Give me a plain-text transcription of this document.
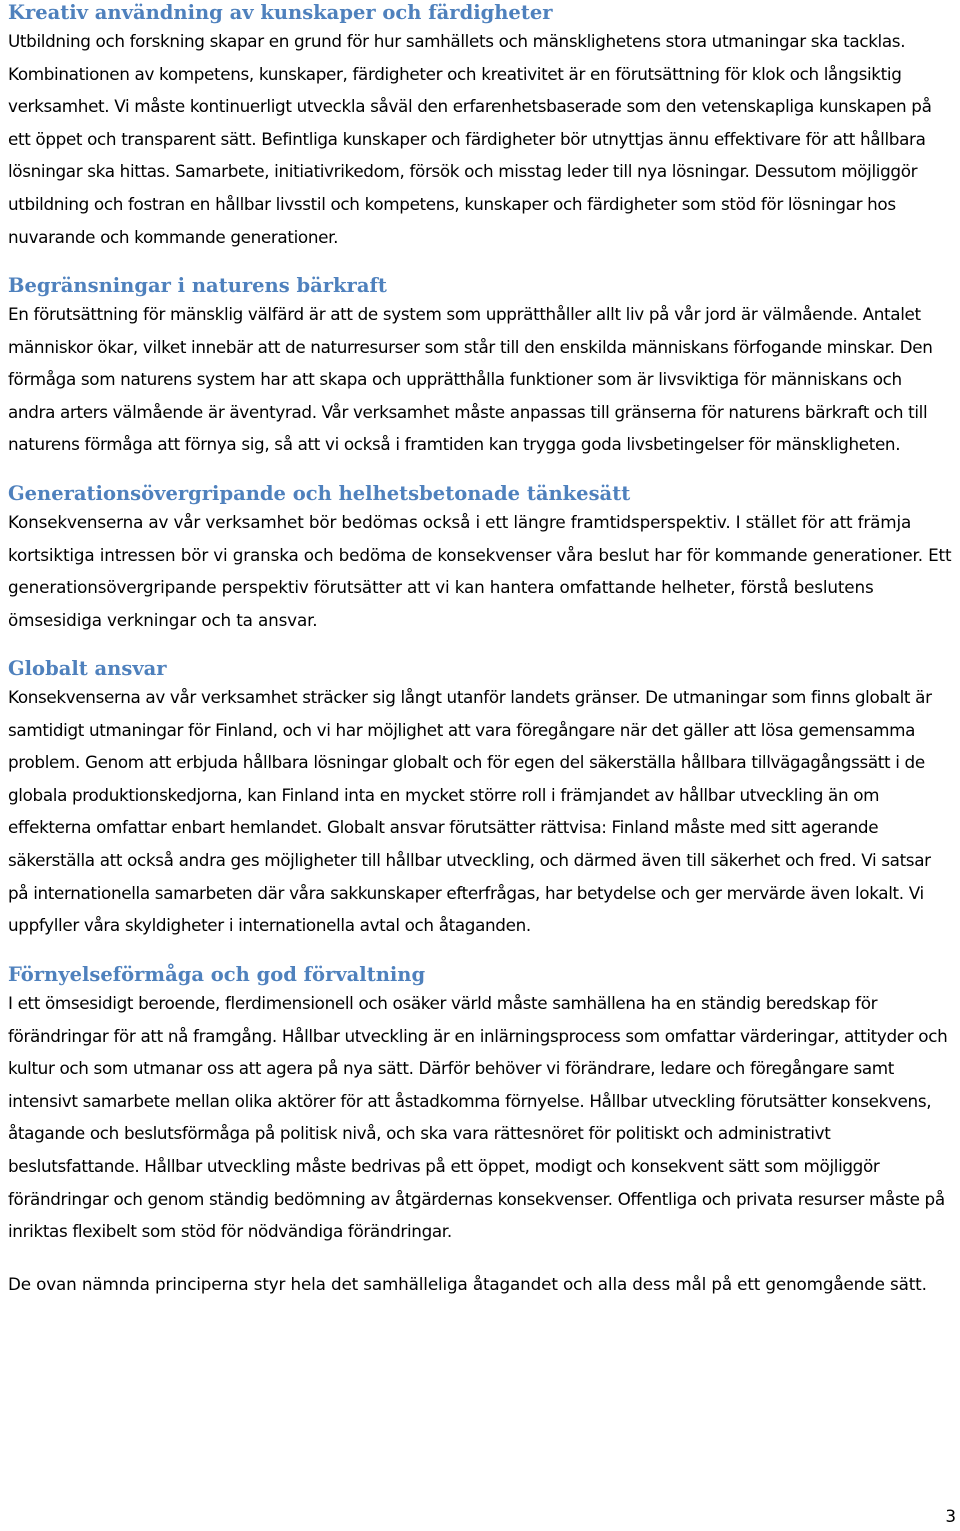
Kreativ användning av kunskaper och färdigheter

Utbildning och forskning skapar en grund för hur samhällets och mänsklighetens stora utmaningar ska tacklas. Kombinationen av kompetens, kunskaper, färdigheter och kreativitet är en förutsättning för klok och långsiktig verksamhet. Vi måste kontinuerligt utveckla såväl den erfarenhetsbaserade som den vetenskapliga kunskapen på ett öppet och transparent sätt. Befintliga kunskaper och färdigheter bör utnyttjas ännu effektivare för att hållbara lösningar ska hittas. Samarbete, initiativrikedom, försök och misstag leder till nya lösningar. Dessutom möjliggör utbildning och fostran en hållbar livsstil och kompetens, kunskaper och färdigheter som stöd för lösningar hos nuvarande och kommande generationer.

Begränsningar i naturens bärkraft

En förutsättning för mänsklig välfärd är att de system som upprätthåller allt liv på vår jord är välmående. Antalet människor ökar, vilket innebär att de naturresurser som står till den enskilda människans förfogande minskar. Den förmåga som naturens system har att skapa och upprätthålla funktioner som är livsviktiga för människans och andra arters välmående är äventyrad. Vår verksamhet måste anpassas till gränserna för naturens bärkraft och till naturens förmåga att förnya sig, så att vi också i framtiden kan trygga goda livsbetingelser för mänskligheten.

Generationsövergripande och helhetsbetonade tänkesätt

Konsekvenserna av vår verksamhet bör bedömas också i ett längre framtidsperspektiv. I stället för att främja kortsiktiga intressen bör vi granska och bedöma de konsekvenser våra beslut har för kommande generationer. Ett generationsövergripande perspektiv förutsätter att vi kan hantera omfattande helheter, förstå beslutens ömsesidiga verkningar och ta ansvar.

Globalt ansvar

Konsekvenserna av vår verksamhet sträcker sig långt utanför landets gränser. De utmaningar som finns globalt är samtidigt utmaningar för Finland, och vi har möjlighet att vara föregångare när det gäller att lösa gemensamma problem. Genom att erbjuda hållbara lösningar globalt och för egen del säkerställa hållbara tillvägagångssätt i de globala produktionskedjorna, kan Finland inta en mycket större roll i främjandet av hållbar utveckling än om effekterna omfattar enbart hemlandet. Globalt ansvar förutsätter rättvisa: Finland måste med sitt agerande säkerställa att också andra ges möjligheter till hållbar utveckling, och därmed även till säkerhet och fred. Vi satsar på internationella samarbeten där våra sakkunskaper efterfrågas, har betydelse och ger mervärde även lokalt. Vi uppfyller våra skyldigheter i internationella avtal och åtaganden.

Förnyelseförmåga och god förvaltning

I ett ömsesidigt beroende, flerdimensionell och osäker värld måste samhällena ha en ständig beredskap för förändringar för att nå framgång. Hållbar utveckling är en inlärningsprocess som omfattar värderingar, attityder och kultur och som utmanar oss att agera på nya sätt. Därför behöver vi förändrare, ledare och föregångare samt intensivt samarbete mellan olika aktörer för att åstadkomma förnyelse. Hållbar utveckling förutsätter konsekvens, åtagande och beslutsförmåga på politisk nivå, och ska vara rättesnöret för politiskt och administrativt beslutsfattande. Hållbar utveckling måste bedrivas på ett öppet, modigt och konsekvent sätt som möjliggör förändringar och genom ständig bedömning av åtgärdernas konsekvenser. Offentliga och privata resurser måste på inriktas flexibelt som stöd för nödvändiga förändringar.

De ovan nämnda principerna styr hela det samhälleliga åtagandet och alla dess mål på ett genomgående sätt.

3
